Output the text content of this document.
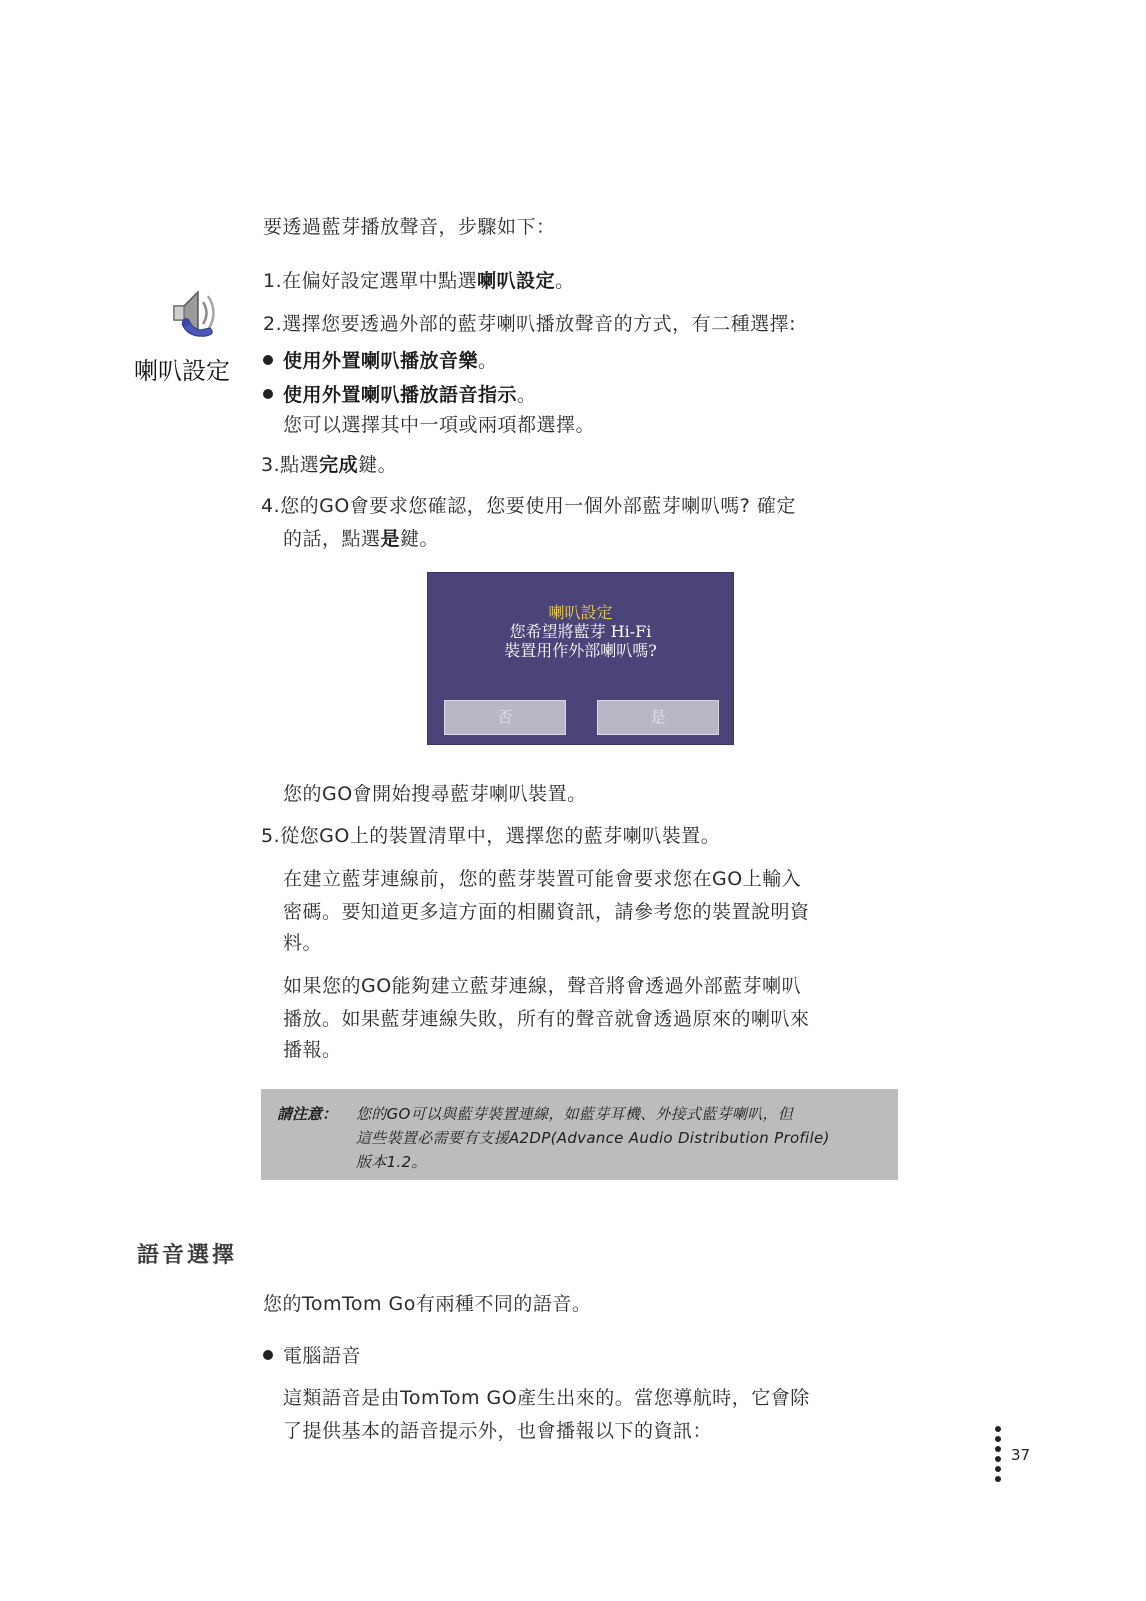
要透過藍芽播放聲音，步驟如下：
1.在偏好設定選單中點選喇叭設定。
2.選擇您要透過外部的藍芽喇叭播放聲音的方式，有二種選擇:
使用外置喇叭播放音樂。
使用外置喇叭播放語音指示。
您可以選擇其中一項或兩項都選擇。
3.點選完成鍵。
4.您的GO會要求您確認，您要使用一個外部藍芽喇叭嗎? 確定
的話，點選是鍵。
喇叭設定
喇叭設定
您希望將藍芽 Hi-Fi
裝置用作外部喇叭嗎?
否	是
您的GO會開始搜尋藍芽喇叭裝置。
5.從您GO上的裝置清單中，選擇您的藍芽喇叭裝置。
在建立藍芽連線前，您的藍芽裝置可能會要求您在GO上輸入
密碼。要知道更多這方面的相關資訊，請參考您的裝置說明資
料。
如果您的GO能夠建立藍芽連線，聲音將會透過外部藍芽喇叭
播放。如果藍芽連線失敗，所有的聲音就會透過原來的喇叭來
播報。
請注意： 您的GO可以與藍芽裝置連線，如藍芽耳機、外接式藍芽喇叭，但
這些裝置必需要有支援A2DP(Advance Audio Distribution Profile)
版本1.2。
語音選擇
您的TomTom Go有兩種不同的語音。
電腦語音
這類語音是由TomTom GO產生出來的。當您導航時，它會除
了提供基本的語音提示外，也會播報以下的資訊：
37
